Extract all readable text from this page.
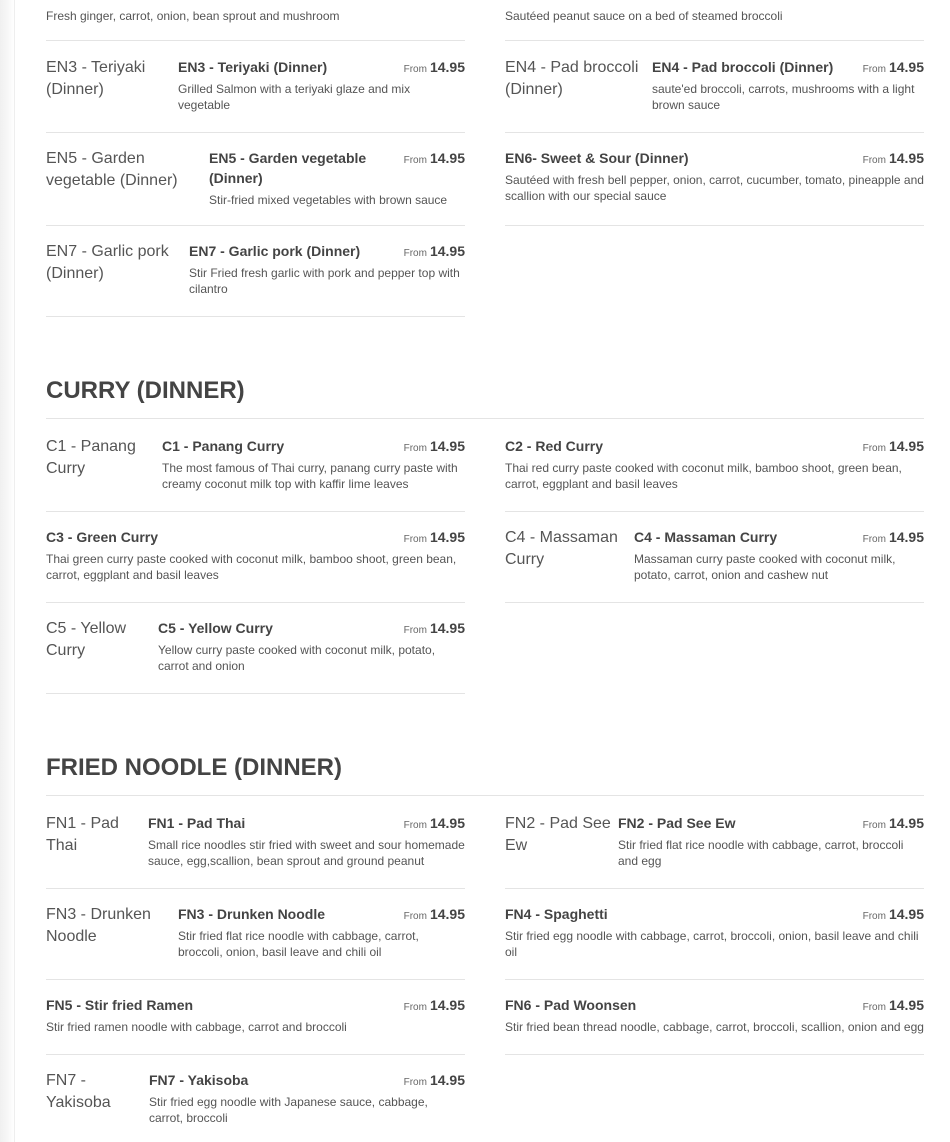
Fresh ginger, carrot, onion, bean sprout and mushroom	Sautéed peanut sauce on a bed of steamed broccoli
EN3 - Teriyaki (Dinner)
EN3 - Teriyaki (Dinner)	From 14.95
Grilled Salmon with a teriyaki glaze and mix vegetable
EN4 - Pad broccoli (Dinner)
EN4 - Pad broccoli (Dinner)	From 14.95
saute'ed broccoli, carrots, mushrooms with a light brown sauce
EN5 - Garden vegetable (Dinner)
EN5 - Garden vegetable (Dinner)
From 14.95
Stir-fried mixed vegetables with brown sauce
EN6- Sweet & Sour (Dinner)	From 14.95
Sautéed with fresh bell pepper, onion, carrot, cucumber, tomato, pineapple and scallion with our special sauce
EN7 - Garlic pork (Dinner)
EN7 - Garlic pork (Dinner)	From 14.95
Stir Fried fresh garlic with pork and pepper top with cilantro
CURRY (DINNER)
C1 - Panang Curry
C1 - Panang Curry	From 14.95
The most famous of Thai curry, panang curry paste with creamy coconut milk top with kaffir lime leaves
C2 - Red Curry	From 14.95
Thai red curry paste cooked with coconut milk, bamboo shoot, green bean, carrot, eggplant and basil leaves
C3 - Green Curry	From 14.95
Thai green curry paste cooked with coconut milk, bamboo shoot, green bean, carrot, eggplant and basil leaves
C4 - Massaman Curry
C4 - Massaman Curry	From 14.95
Massaman curry paste cooked with coconut milk, potato, carrot, onion and cashew nut
C5 - Yellow Curry
C5 - Yellow Curry	From 14.95
Yellow curry paste cooked with coconut milk, potato, carrot and onion
FRIED NOODLE (DINNER)
FN1 - Pad Thai
FN1 - Pad Thai	From 14.95
Small rice noodles stir fried with sweet and sour homemade sauce, egg,scallion, bean sprout and ground peanut
FN2 - Pad See Ew
FN2 - Pad See Ew	From 14.95
Stir fried flat rice noodle with cabbage, carrot, broccoli and egg
FN3 - Drunken Noodle
FN3 - Drunken Noodle	From 14.95
Stir fried flat rice noodle with cabbage, carrot, broccoli, onion, basil leave and chili oil
FN4 - Spaghetti	From 14.95
Stir fried egg noodle with cabbage, carrot, broccoli, onion, basil leave and chili oil
FN5 - Stir fried Ramen	From 14.95
Stir fried ramen noodle with cabbage, carrot and broccoli
FN6 - Pad Woonsen	From 14.95
Stir fried bean thread noodle, cabbage, carrot, broccoli, scallion, onion and egg
FN7 - Yakisoba
FN7 - Yakisoba	From 14.95
Stir fried egg noodle with Japanese sauce, cabbage, carrot, broccoli
